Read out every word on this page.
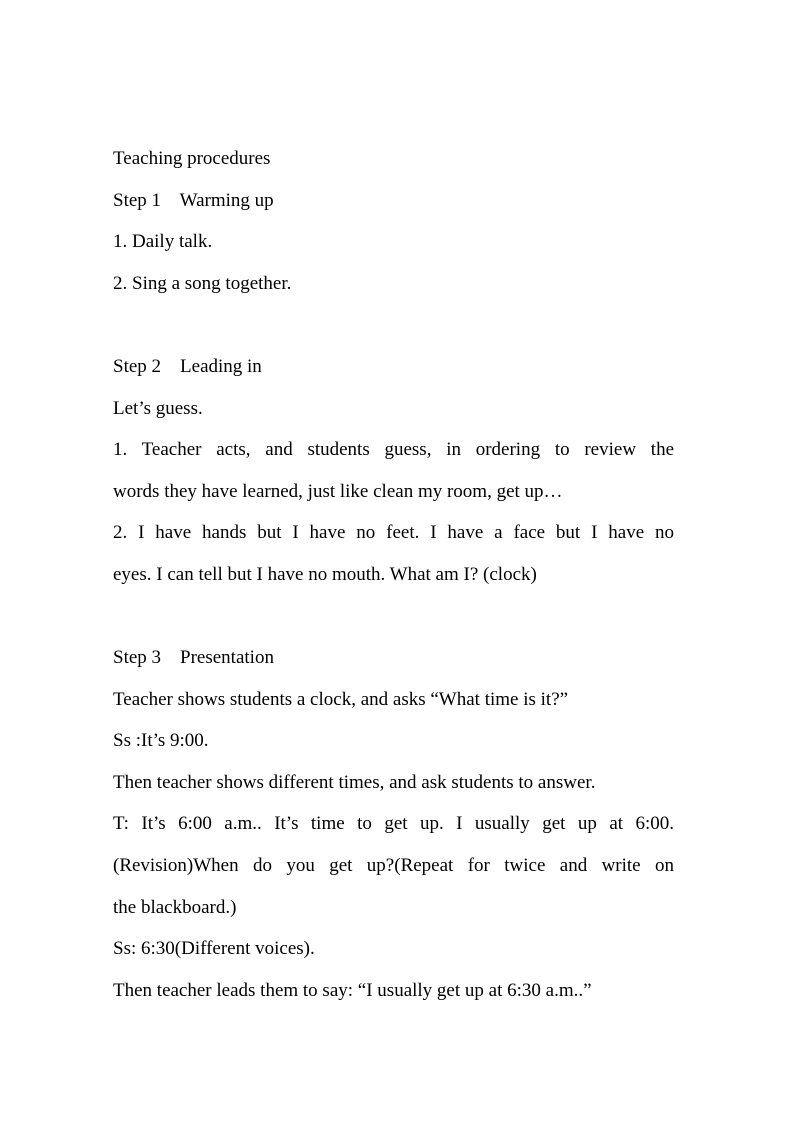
Teaching procedures
Step 1    Warming up
1. Daily talk.
2. Sing a song together.
Step 2    Leading in
Let’s guess.
1. Teacher acts, and students guess, in ordering to review the
words they have learned, just like clean my room, get up…
2. I have hands but I have no feet. I have a face but I have no
eyes. I can tell but I have no mouth. What am I? (clock)
Step 3    Presentation
Teacher shows students a clock, and asks “What time is it?”
Ss :It’s 9:00.
Then teacher shows different times, and ask students to answer.
T: It’s 6:00 a.m.. It’s time to get up. I usually get up at 6:00.
(Revision)When do you get up?(Repeat for twice and write on
the blackboard.)
Ss: 6:30(Different voices).
Then teacher leads them to say: “I usually get up at 6:30 a.m..”
